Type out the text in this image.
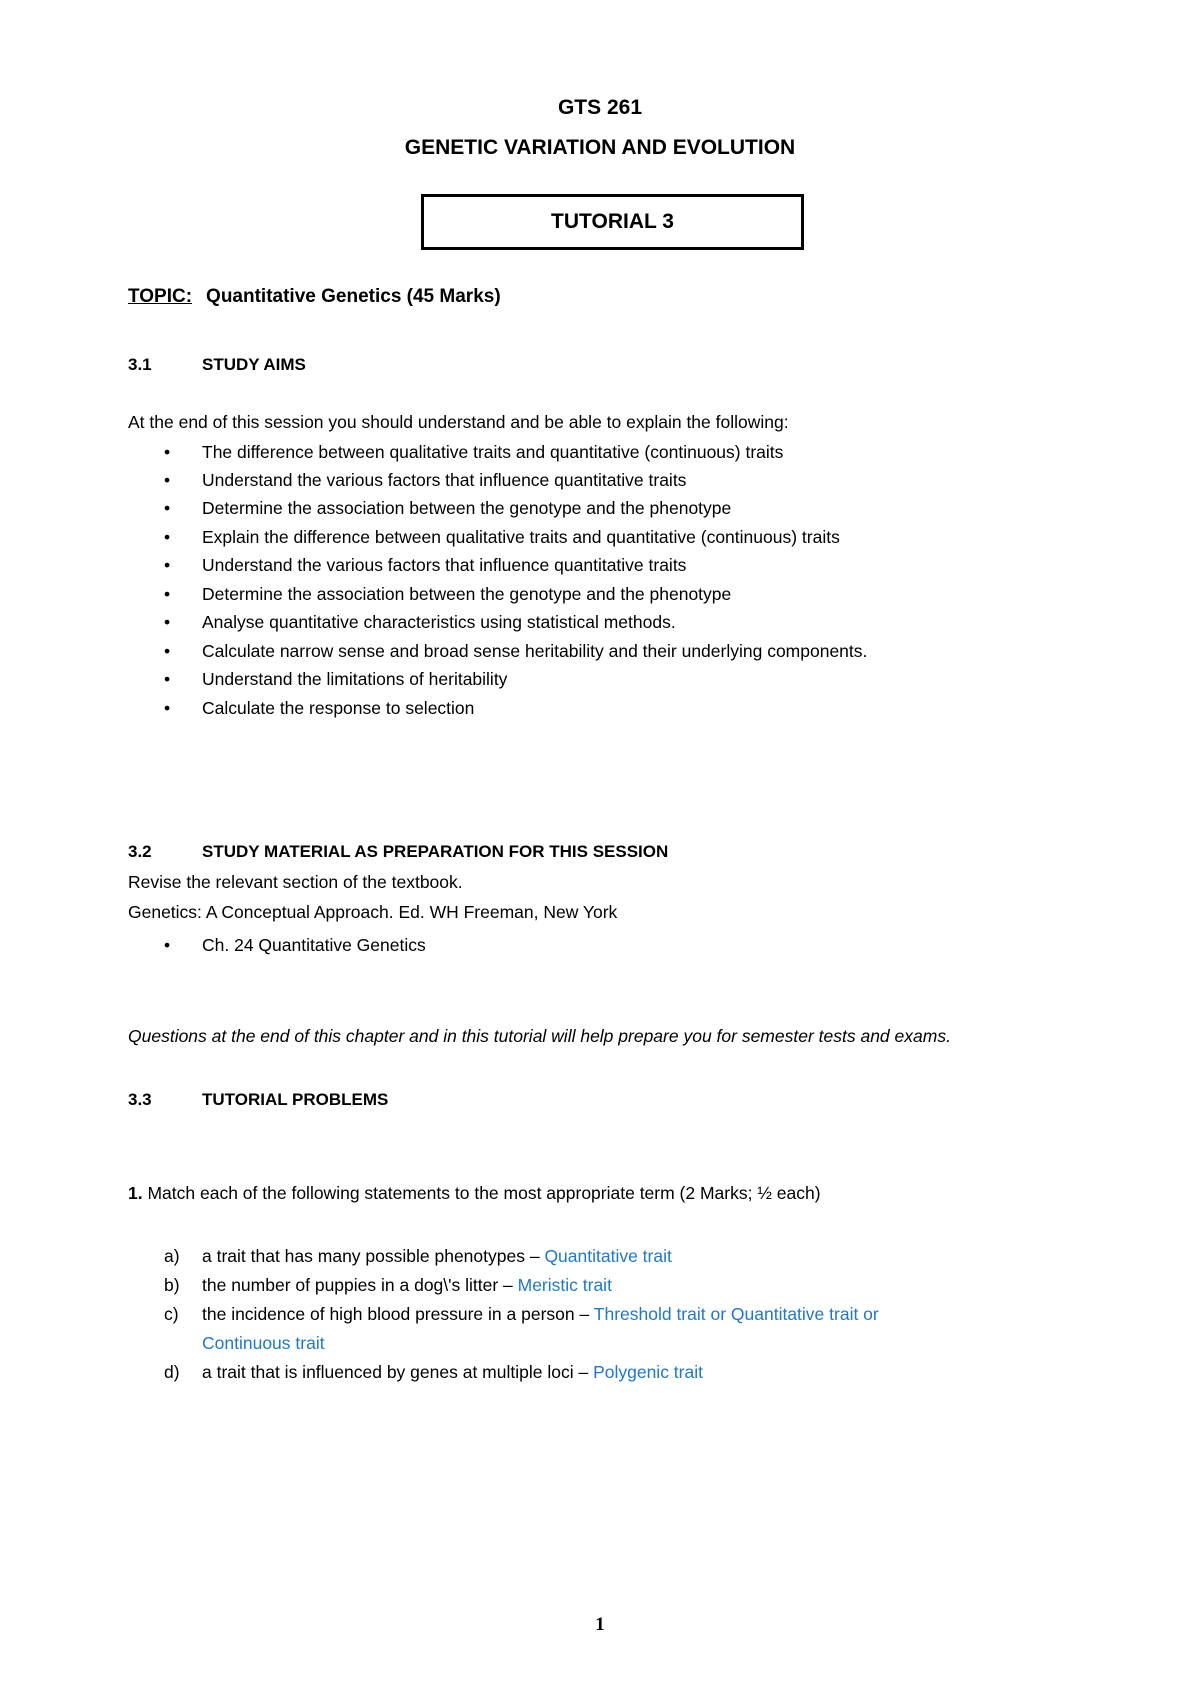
GTS 261
GENETIC VARIATION AND EVOLUTION
TUTORIAL 3
TOPIC: Quantitative Genetics (45 Marks)
3.1	STUDY AIMS
At the end of this session you should understand and be able to explain the following:
• The difference between qualitative traits and quantitative (continuous) traits
• Understand the various factors that influence quantitative traits
• Determine the association between the genotype and the phenotype
• Explain the difference between qualitative traits and quantitative (continuous) traits
• Understand the various factors that influence quantitative traits
• Determine the association between the genotype and the phenotype
• Analyse quantitative characteristics using statistical methods.
• Calculate narrow sense and broad sense heritability and their underlying components.
• Understand the limitations of heritability
• Calculate the response to selection
3.2	STUDY MATERIAL AS PREPARATION FOR THIS SESSION
Revise the relevant section of the textbook.
Genetics: A Conceptual Approach. Ed. WH Freeman, New York
• Ch. 24 Quantitative Genetics
Questions at the end of this chapter and in this tutorial will help prepare you for semester tests and exams.
3.3	TUTORIAL PROBLEMS
1. Match each of the following statements to the most appropriate term (2 Marks; ½ each)
a) a trait that has many possible phenotypes – Quantitative trait
b) the number of puppies in a dog\'s litter – Meristic trait
c) the incidence of high blood pressure in a person – Threshold trait or Quantitative trait or
Continuous trait
d) a trait that is influenced by genes at multiple loci – Polygenic trait
1
